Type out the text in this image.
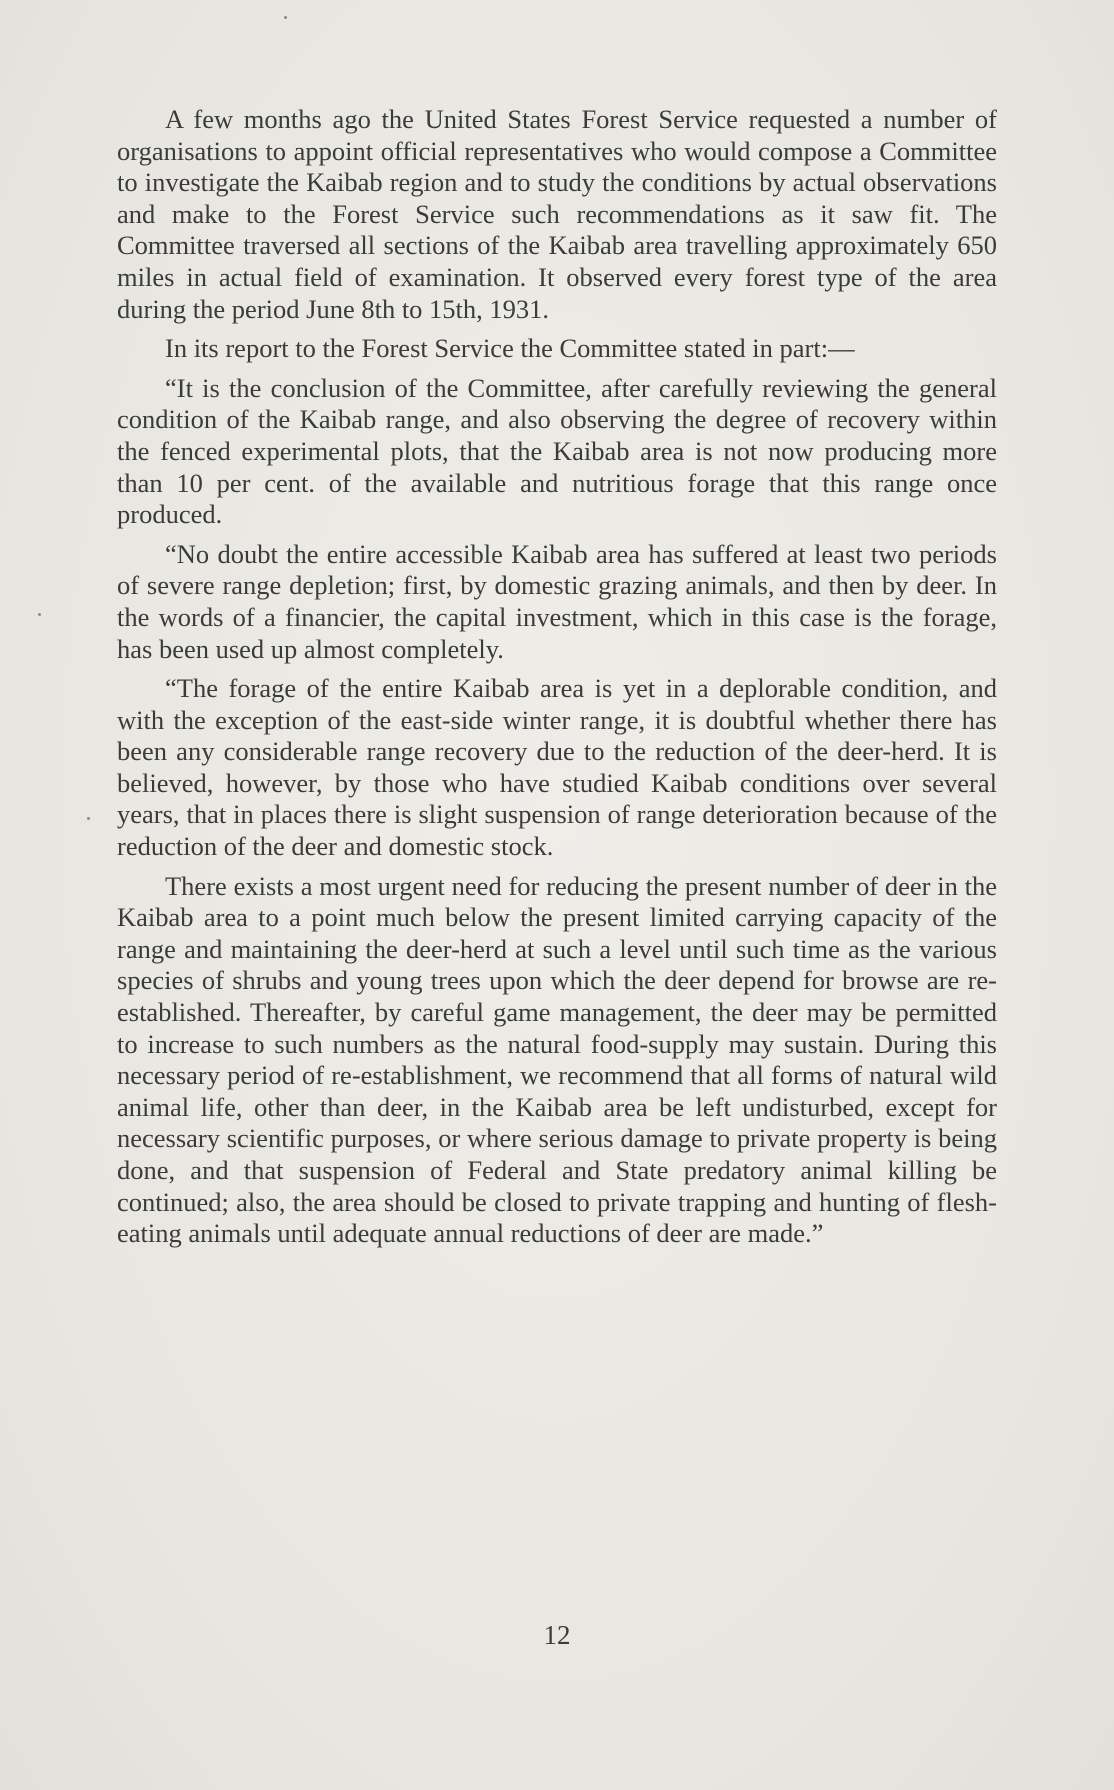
A few months ago the United States Forest Service requested a number of organisations to appoint official representatives who would compose a Committee to investigate the Kaibab region and to study the conditions by actual observations and make to the Forest Service such recommendations as it saw fit. The Committee traversed all sections of the Kaibab area travelling approximately 650 miles in actual field of examination. It observed every forest type of the area during the period June 8th to 15th, 1931.

In its report to the Forest Service the Committee stated in part:—

“It is the conclusion of the Committee, after carefully reviewing the general condition of the Kaibab range, and also observing the degree of recovery within the fenced experimental plots, that the Kaibab area is not now producing more than 10 per cent. of the available and nutritious forage that this range once produced.

“No doubt the entire accessible Kaibab area has suffered at least two periods of severe range depletion; first, by domestic grazing animals, and then by deer. In the words of a financier, the capital investment, which in this case is the forage, has been used up almost completely.

“The forage of the entire Kaibab area is yet in a deplorable condition, and with the exception of the east-side winter range, it is doubtful whether there has been any considerable range recovery due to the reduction of the deer-herd. It is believed, however, by those who have studied Kaibab conditions over several years, that in places there is slight suspension of range deterioration because of the reduction of the deer and domestic stock.

There exists a most urgent need for reducing the present number of deer in the Kaibab area to a point much below the present limited carrying capacity of the range and maintaining the deer-herd at such a level until such time as the various species of shrubs and young trees upon which the deer depend for browse are re-established. Thereafter, by careful game management, the deer may be permitted to increase to such numbers as the natural food-supply may sustain. During this necessary period of re-establishment, we recommend that all forms of natural wild animal life, other than deer, in the Kaibab area be left undisturbed, except for necessary scientific purposes, or where serious damage to private property is being done, and that suspension of Federal and State predatory animal killing be continued; also, the area should be closed to private trapping and hunting of flesh-eating animals until adequate annual reductions of deer are made.”

12
